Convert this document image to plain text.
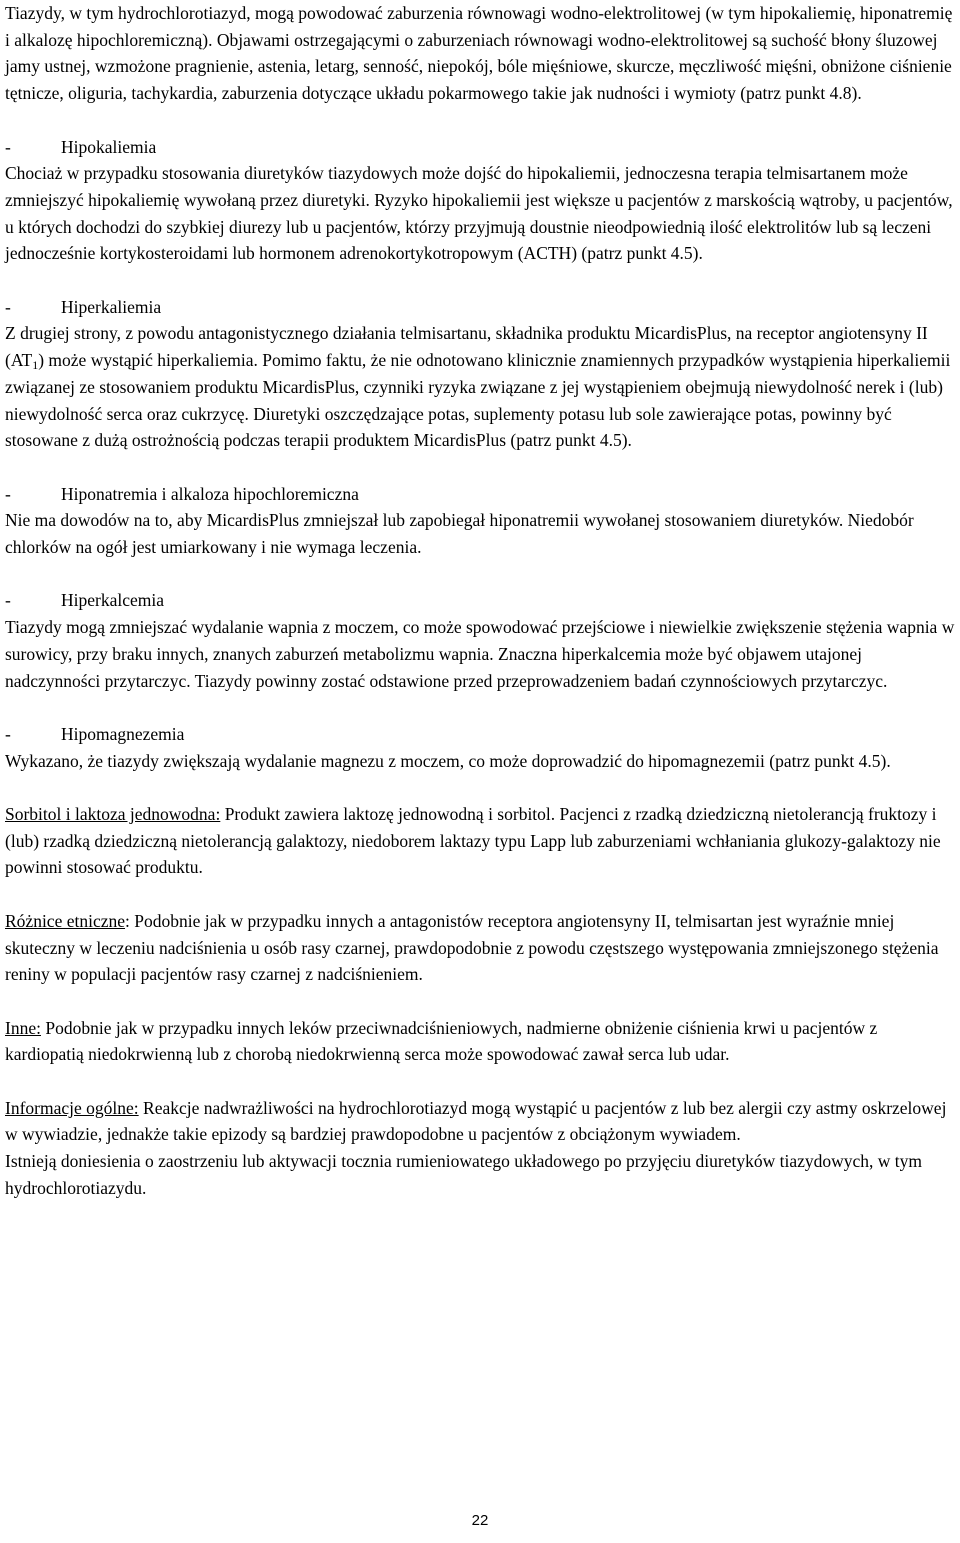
Tiazydy, w tym hydrochlorotiazyd, mogą powodować zaburzenia równowagi wodno-elektrolitowej (w tym hipokaliemię, hiponatremię i alkalozę hipochloremiczną). Objawami ostrzegającymi o zaburzeniach równowagi wodno-elektrolitowej są suchość błony śluzowej jamy ustnej, wzmożone pragnienie, astenia, letarg, senność, niepokój, bóle mięśniowe, skurcze, męczliwość mięśni, obniżone ciśnienie tętnicze, oliguria, tachykardia, zaburzenia dotyczące układu pokarmowego takie jak nudności i wymioty (patrz punkt 4.8).

-	Hipokaliemia

Chociaż w przypadku stosowania diuretyków tiazydowych może dojść do hipokaliemii, jednoczesna terapia telmisartanem może zmniejszyć hipokaliemię wywołaną przez diuretyki. Ryzyko hipokaliemii jest większe u pacjentów z marskością wątroby, u pacjentów, u których dochodzi do szybkiej diurezy lub u pacjentów, którzy przyjmują doustnie nieodpowiednią ilość elektrolitów lub są leczeni jednocześnie kortykosteroidami lub hormonem adrenokortykotropowym (ACTH) (patrz punkt 4.5).

-	Hiperkaliemia

Z drugiej strony, z powodu antagonistycznego działania telmisartanu, składnika produktu MicardisPlus, na receptor angiotensyny II $(AT_1)$ może wystąpić hiperkaliemia. Pomimo faktu, że nie odnotowano klinicznie znamiennych przypadków wystąpienia hiperkaliemii związanej ze stosowaniem produktu MicardisPlus, czynniki ryzyka związane z jej wystąpieniem obejmują niewydolność nerek i (lub) niewydolność serca oraz cukrzycę. Diuretyki oszczędzające potas, suplementy potasu lub sole zawierające potas, powinny być stosowane z dużą ostrożnością podczas terapii produktem MicardisPlus (patrz punkt 4.5).

-	Hiponatremia i alkaloza hipochloremiczna

Nie ma dowodów na to, aby MicardisPlus zmniejszał lub zapobiegał hiponatremii wywołanej stosowaniem diuretyków. Niedobór chlorków na ogół jest umiarkowany i nie wymaga leczenia.

-	Hiperkalcemia

Tiazydy mogą zmniejszać wydalanie wapnia z moczem, co może spowodować przejściowe i niewielkie zwiększenie stężenia wapnia w surowicy, przy braku innych, znanych zaburzeń metabolizmu wapnia. Znaczna hiperkalcemia może być objawem utajonej nadczynności przytarczyc. Tiazydy powinny zostać odstawione przed przeprowadzeniem badań czynnościowych przytarczyc.

-	Hipomagnezemia

Wykazano, że tiazydy zwiększają wydalanie magnezu z moczem, co może doprowadzić do hipomagnezemii (patrz punkt 4.5).

Sorbitol i laktoza jednowodna: Produkt zawiera laktozę jednowodną i sorbitol. Pacjenci z rzadką dziedziczną nietolerancją fruktozy i (lub) rzadką dziedziczną nietolerancją galaktozy, niedoborem laktazy typu Lapp lub zaburzeniami wchłaniania glukozy-galaktozy nie powinni stosować produktu.

Różnice etniczne: Podobnie jak w przypadku innych a antagonistów receptora angiotensyny II, telmisartan jest wyraźnie mniej skuteczny w leczeniu nadciśnienia u osób rasy czarnej, prawdopodobnie z powodu częstszego występowania zmniejszonego stężenia reniny w populacji pacjentów rasy czarnej z nadciśnieniem.

Inne: Podobnie jak w przypadku innych leków przeciwnadciśnieniowych, nadmierne obniżenie ciśnienia krwi u pacjentów z kardiopatią niedokrwienną lub z chorobą niedokrwienną serca może spowodować zawał serca lub udar.

Informacje ogólne: Reakcje nadwrażliwości na hydrochlorotiazyd mogą wystąpić u pacjentów z lub bez alergii czy astmy oskrzelowej w wywiadzie, jednakże takie epizody są bardziej prawdopodobne u pacjentów z obciążonym wywiadem.

Istnieją doniesienia o zaostrzeniu lub aktywacji tocznia rumieniowatego układowego po przyjęciu diuretyków tiazydowych, w tym hydrochlorotiazydu.

22
